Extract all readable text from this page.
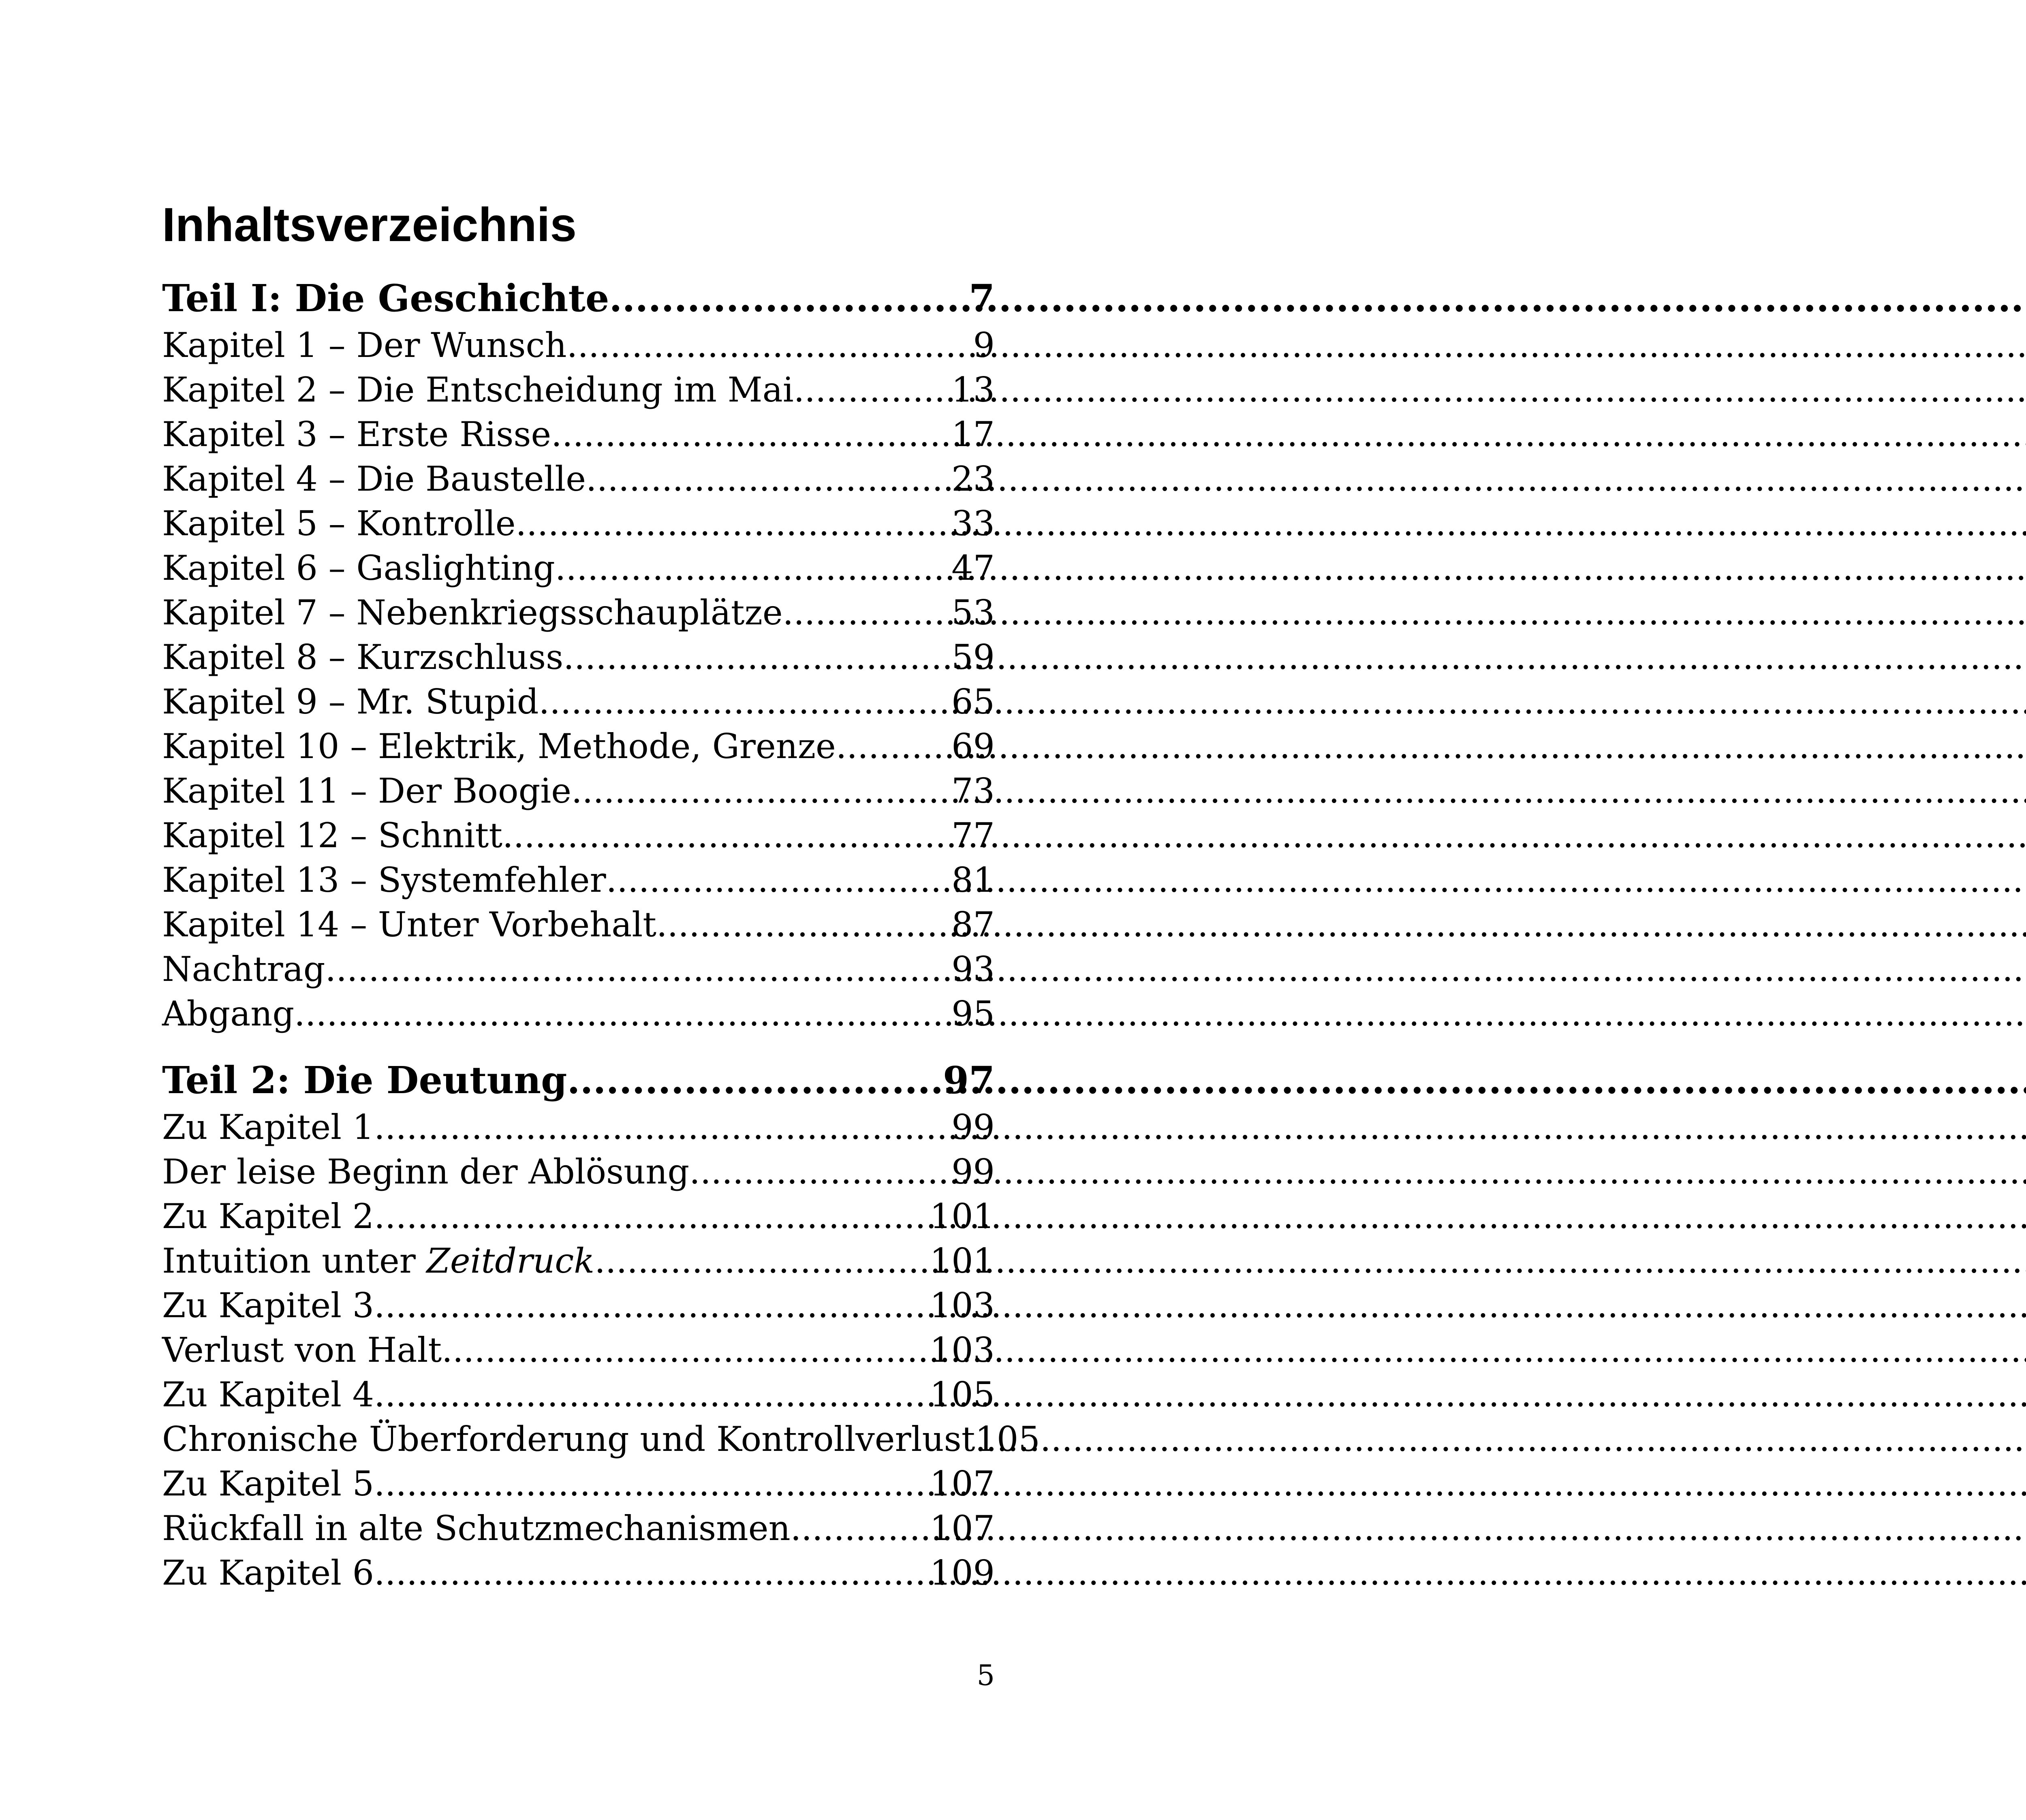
Inhaltsverzeichnis
Teil I: Die Geschichte .....	7
Kapitel 1 – Der Wunsch .....	9
Kapitel 2 – Die Entscheidung im Mai .....	13
Kapitel 3 – Erste Risse .....	17
Kapitel 4 – Die Baustelle .....	23
Kapitel 5 – Kontrolle .....	33
Kapitel 6 – Gaslighting .....	47
Kapitel 7 – Nebenkriegsschauplätze .....	53
Kapitel 8 – Kurzschluss .....	59
Kapitel 9 – Mr. Stupid .....	65
Kapitel 10 – Elektrik, Methode, Grenze .....	69
Kapitel 11 – Der Boogie .....	73
Kapitel 12 – Schnitt .....	77
Kapitel 13 – Systemfehler .....	81
Kapitel 14 – Unter Vorbehalt .....	87
Nachtrag .....	93
Abgang .....	95
Teil 2: Die Deutung .....	97
Zu Kapitel 1 .....	99
Der leise Beginn der Ablösung .....	99
Zu Kapitel 2 .....	101
Intuition unter Zeitdruck .....	101
Zu Kapitel 3 .....	103
Verlust von Halt .....	103
Zu Kapitel 4 .....	105
Chronische Überforderung und Kontrollverlust 105
Zu Kapitel 5 .....	107
Rückfall in alte Schutzmechanismen .....	107
Zu Kapitel 6 .....	109
5
